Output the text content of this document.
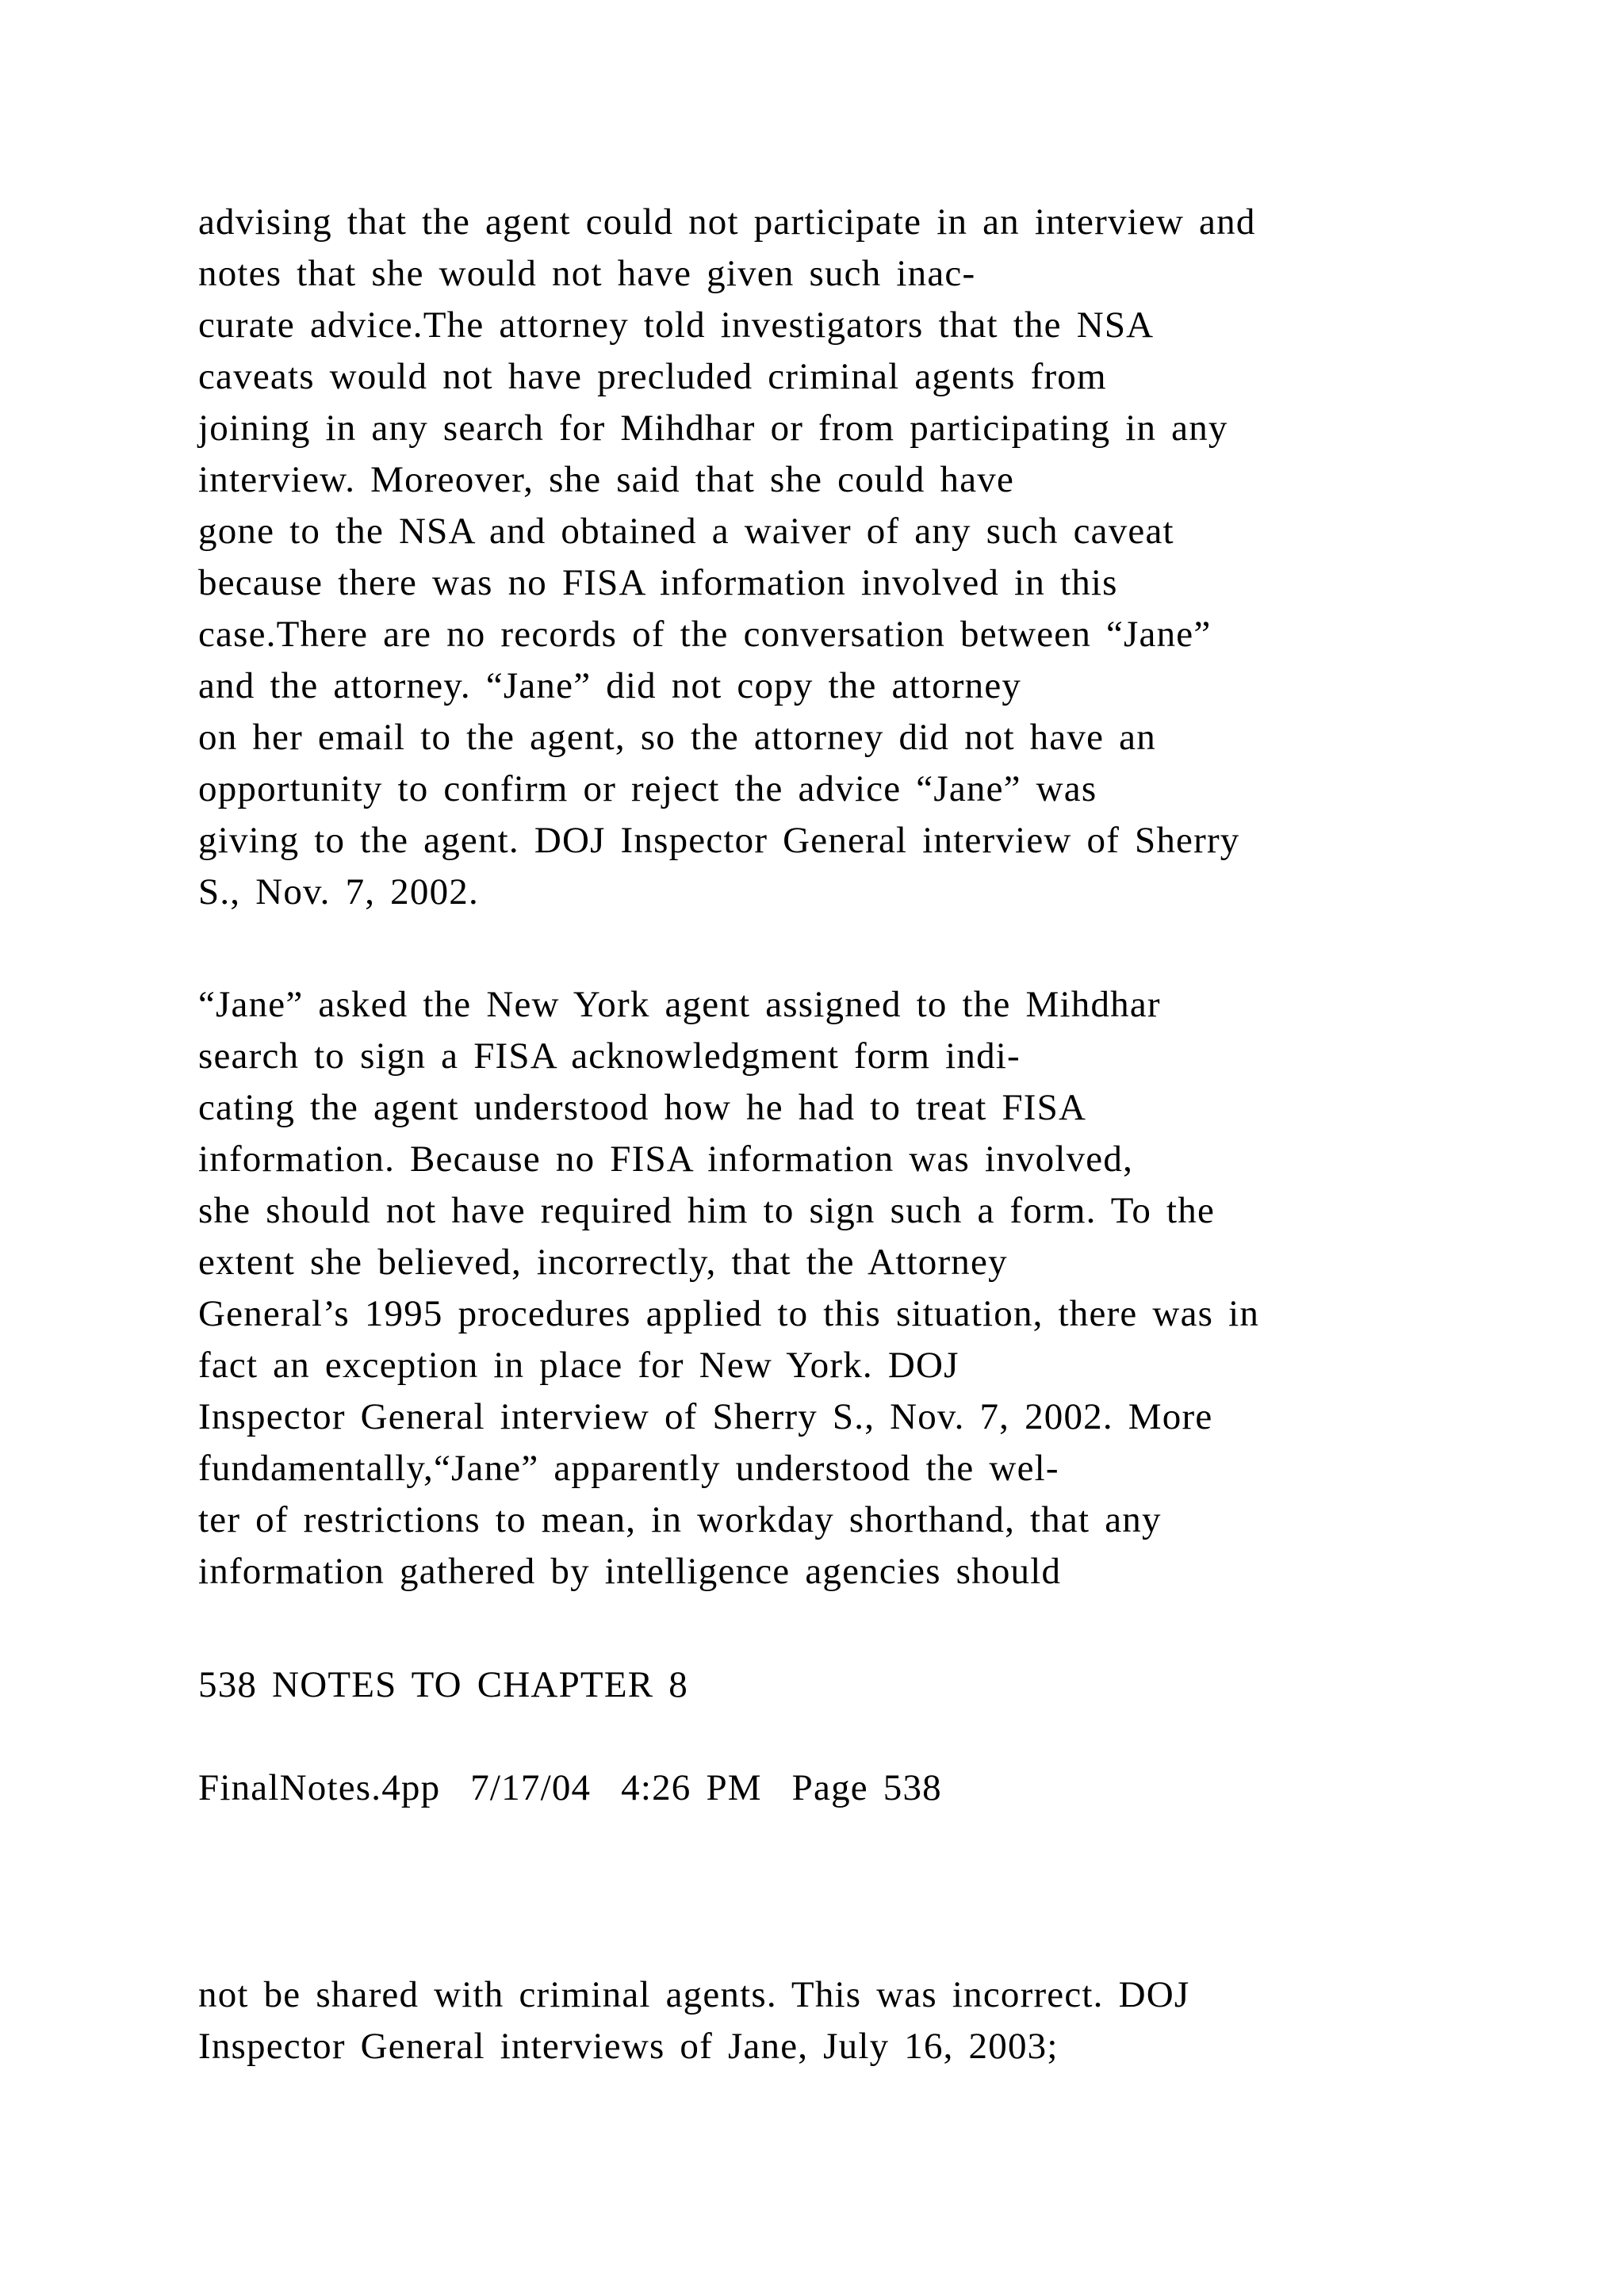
advising that the agent could not participate in an interview and
notes that she would not have given such inac-
curate advice.The attorney told investigators that the NSA
caveats would not have precluded criminal agents from
joining in any search for Mihdhar or from participating in any
interview. Moreover, she said that she could have
gone to the NSA and obtained a waiver of any such caveat
because there was no FISA information involved in this
case.There are no records of the conversation between “Jane”
and the attorney. “Jane” did not copy the attorney
on her email to the agent, so the attorney did not have an
opportunity to confirm or reject the advice “Jane” was
giving to the agent. DOJ Inspector General interview of Sherry
S., Nov. 7, 2002.
“Jane” asked the New York agent assigned to the Mihdhar
search to sign a FISA acknowledgment form indi-
cating the agent understood how he had to treat FISA
information. Because no FISA information was involved,
she should not have required him to sign such a form. To the
extent she believed, incorrectly, that the Attorney
General’s 1995 procedures applied to this situation, there was in
fact an exception in place for New York. DOJ
Inspector General interview of Sherry S., Nov. 7, 2002. More
fundamentally,“Jane” apparently understood the wel-
ter of restrictions to mean, in workday shorthand, that any
information gathered by intelligence agencies should
538 NOTES TO CHAPTER 8
FinalNotes.4pp  7/17/04  4:26 PM  Page 538
not be shared with criminal agents. This was incorrect. DOJ
Inspector General interviews of Jane, July 16, 2003;
